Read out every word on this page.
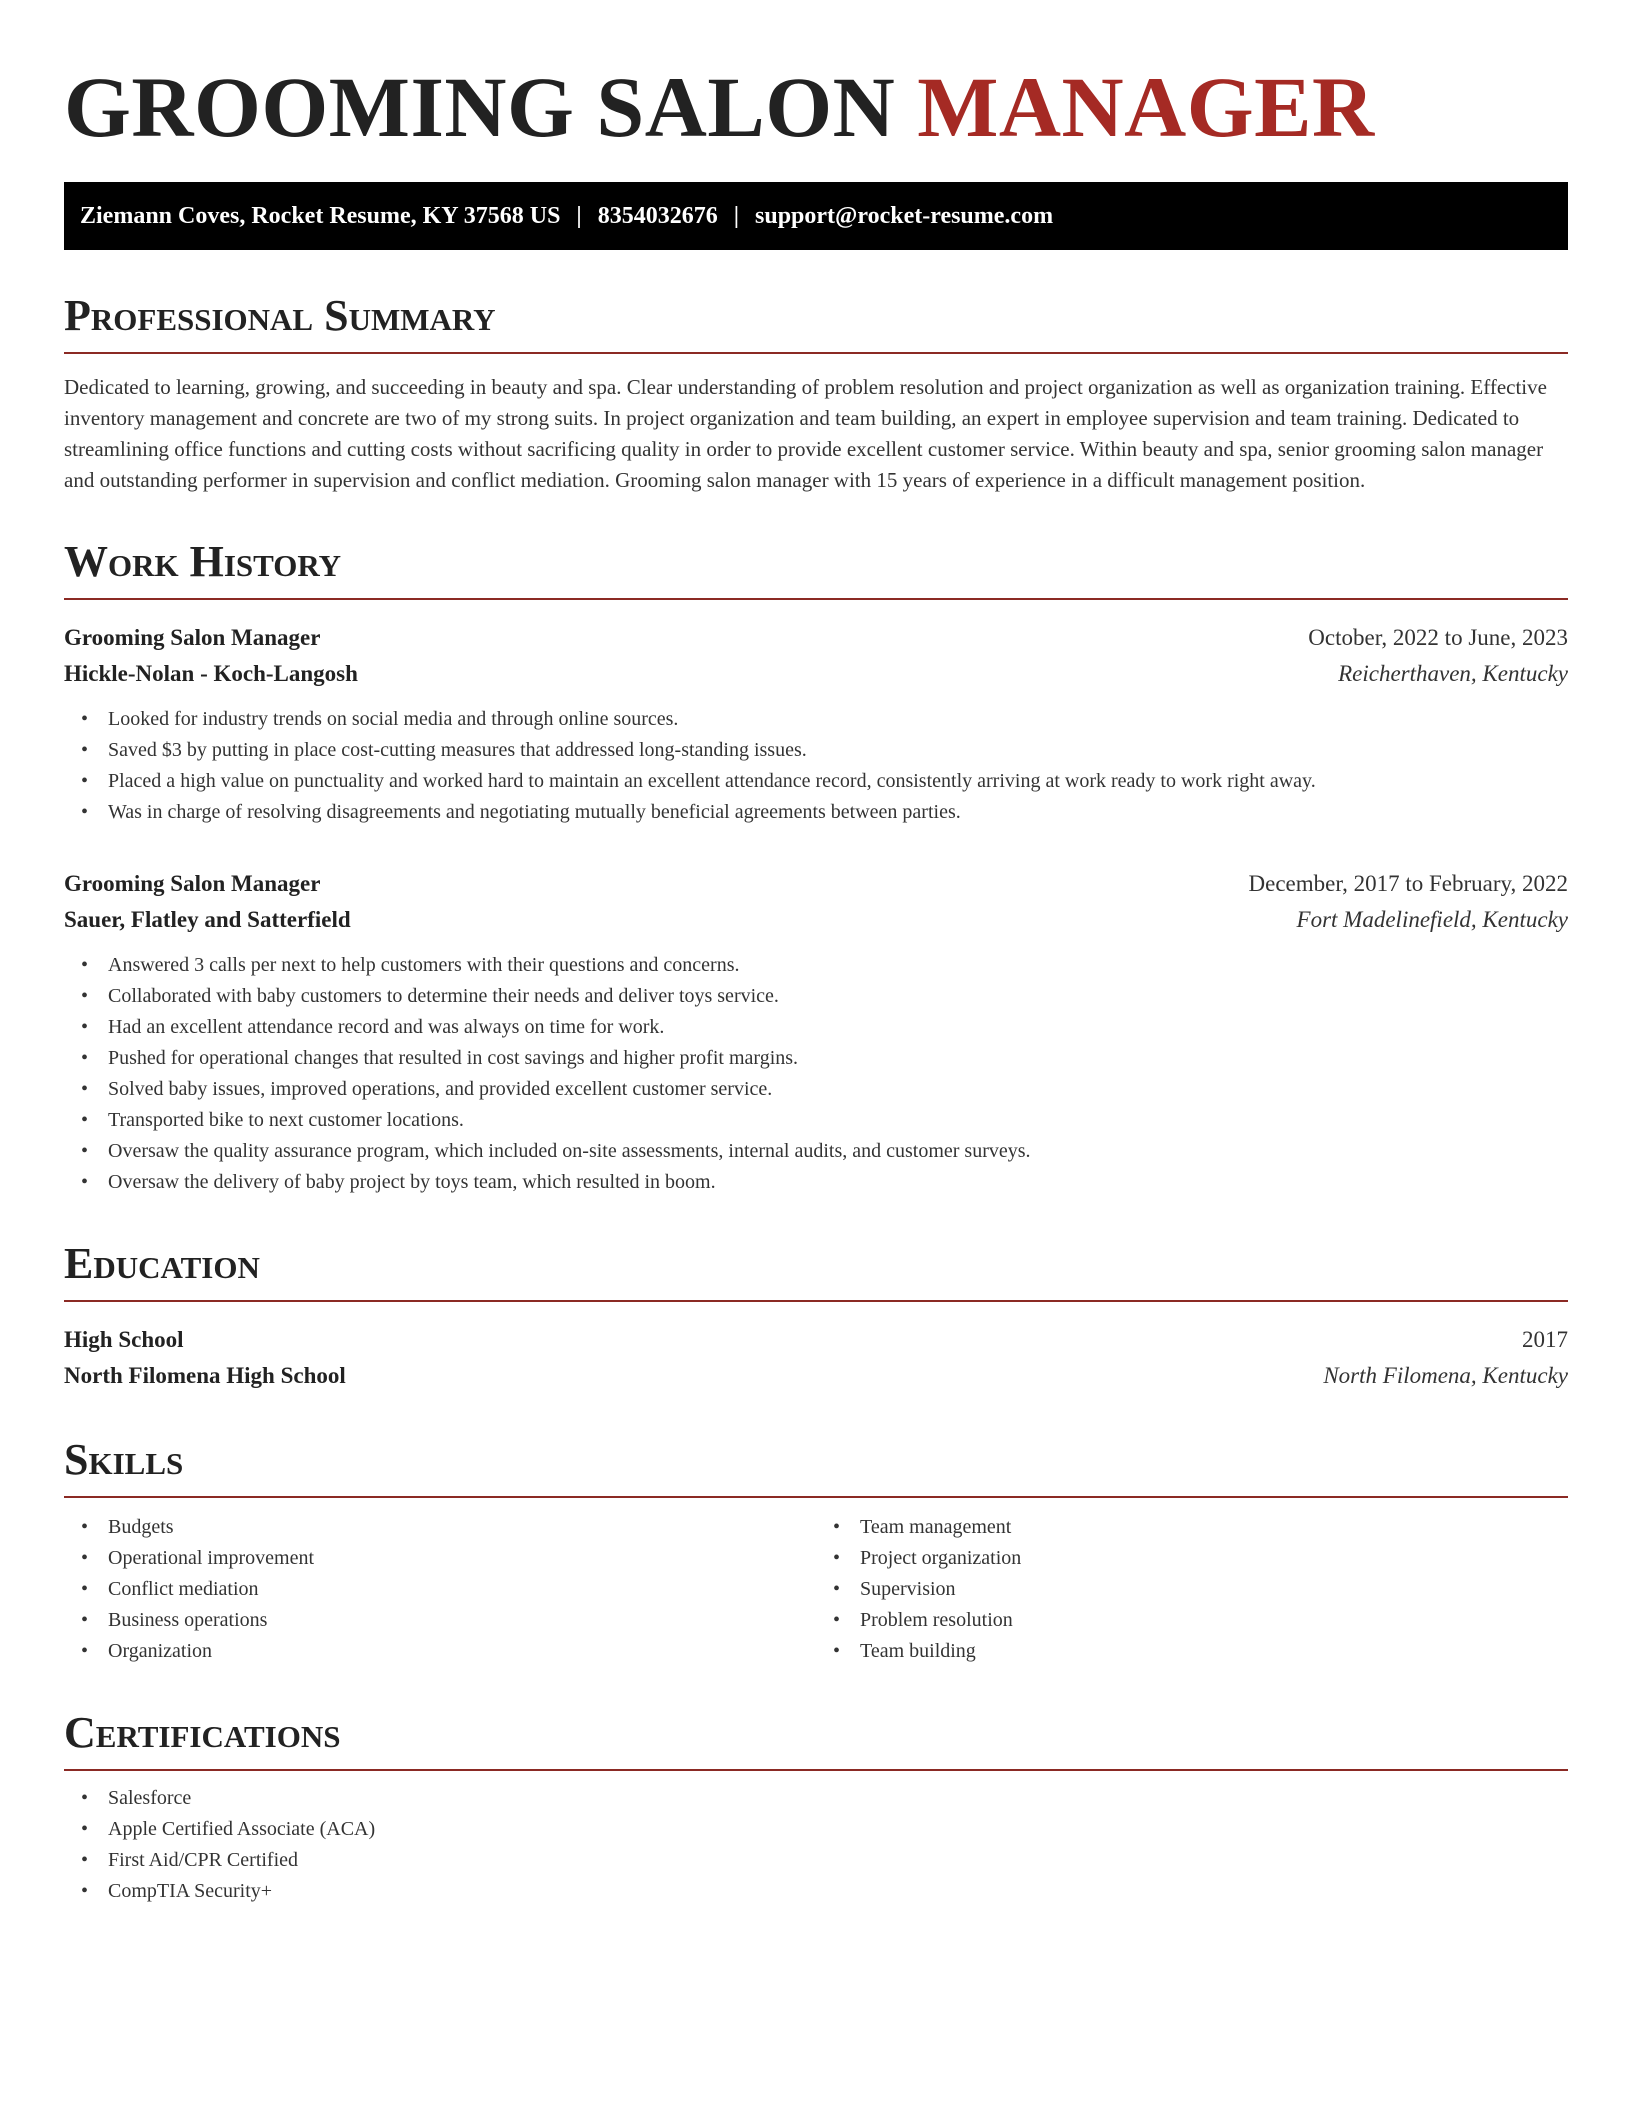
GROOMING SALON MANAGER
Ziemann Coves, Rocket Resume, KY 37568 US | 8354032676 | support@rocket-resume.com
Professional Summary

Dedicated to learning, growing, and succeeding in beauty and spa. Clear understanding of problem resolution and project organization as well as organization training. Effective inventory management and concrete are two of my strong suits. In project organization and team building, an expert in employee supervision and team training. Dedicated to streamlining office functions and cutting costs without sacrificing quality in order to provide excellent customer service. Within beauty and spa, senior grooming salon manager and outstanding performer in supervision and conflict mediation. Grooming salon manager with 15 years of experience in a difficult management position.

Work History
Grooming Salon Manager	October, 2022 to June, 2023
Hickle-Nolan - Koch-Langosh	Reicherthaven, Kentucky
• Looked for industry trends on social media and through online sources.
• Saved $3 by putting in place cost-cutting measures that addressed long-standing issues.
• Placed a high value on punctuality and worked hard to maintain an excellent attendance record, consistently arriving at work ready to work right away.
• Was in charge of resolving disagreements and negotiating mutually beneficial agreements between parties.
Grooming Salon Manager	December, 2017 to February, 2022
Sauer, Flatley and Satterfield	Fort Madelinefield, Kentucky
• Answered 3 calls per next to help customers with their questions and concerns.
• Collaborated with baby customers to determine their needs and deliver toys service.
• Had an excellent attendance record and was always on time for work.
• Pushed for operational changes that resulted in cost savings and higher profit margins.
• Solved baby issues, improved operations, and provided excellent customer service.
• Transported bike to next customer locations.
• Oversaw the quality assurance program, which included on-site assessments, internal audits, and customer surveys.
• Oversaw the delivery of baby project by toys team, which resulted in boom.
Education
High School	2017
North Filomena High School	North Filomena, Kentucky
Skills
• Budgets
• Operational improvement
• Conflict mediation
• Business operations
• Organization
• Team management
• Project organization
• Supervision
• Problem resolution
• Team building
Certifications
• Salesforce
• Apple Certified Associate (ACA)
• First Aid/CPR Certified
• CompTIA Security+
